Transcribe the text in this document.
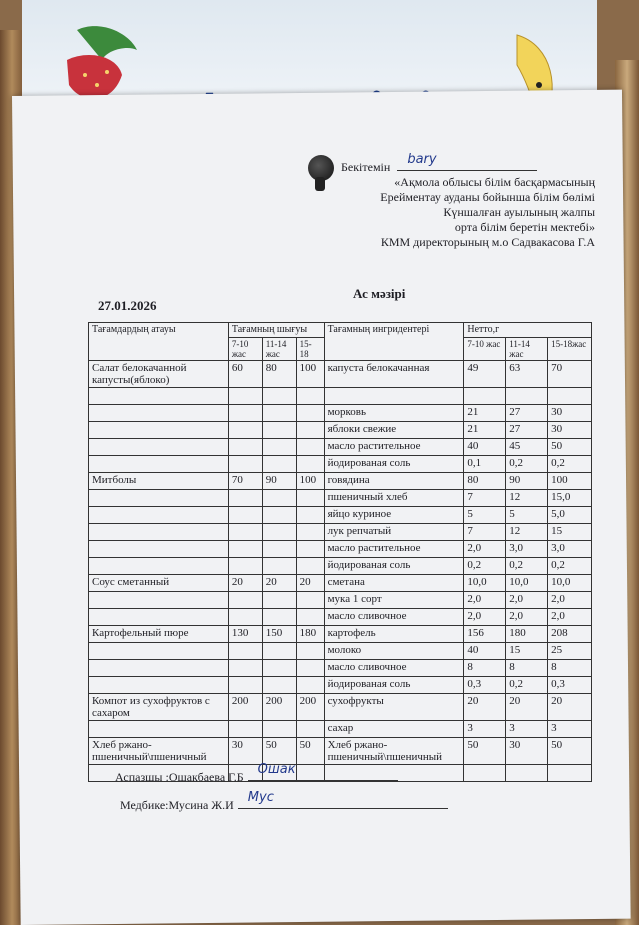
Бекітемін bary
«Ақмола облысы білім басқармасының
Ерейментау ауданы бойынша білім бөлімі
Күншалған ауылының жалпы
орта білім беретін мектебі»
КММ директорының м.о Садвакасова Г.А
Ас мәзірі
27.01.2026
Тағамдардың атауы	Тағамның шығуы			Тағамның ингридентері	Нетто,г		
	7-10 жас	11-14 жас	15-18		7-10 жас	11-14 жас	15-18жас
Салат белокачанной капусты(яблоко)	60	80	100	капуста белокачанная	49	63	70

				морковь	21	27	30
				яблоки свежие	21	27	30
				масло растительное	40	45	50
				йодированая соль	0,1	0,2	0,2
Митболы	70	90	100	говядина	80	90	100
				пшеничный хлеб	7	12	15,0
				яйцо куриное	5	5	5,0
				лук репчатый	7	12	15
				масло растительное	2,0	3,0	3,0
				йодированая соль	0,2	0,2	0,2
Соус сметанный	20	20	20	сметана	10,0	10,0	10,0
				мука 1 сорт	2,0	2,0	2,0
				масло сливочное	2,0	2,0	2,0
Картофельный пюре	130	150	180	картофель	156	180	208
				молоко	40	15	25
				масло сливочное	8	8	8
				йодированая соль	0,3	0,2	0,3
Компот из сухофруктов с сахаром	200	200	200	сухофрукты	20	20	20
				сахар	3	3	3
Хлеб ржано-пшеничный\пшеничный	30	50	50	Хлеб ржано-пшеничный\пшеничный	50	30	50

Аспазшы :Ошакбаева Г.Б Oшак
Медбике:Мусина Ж.И Мус
